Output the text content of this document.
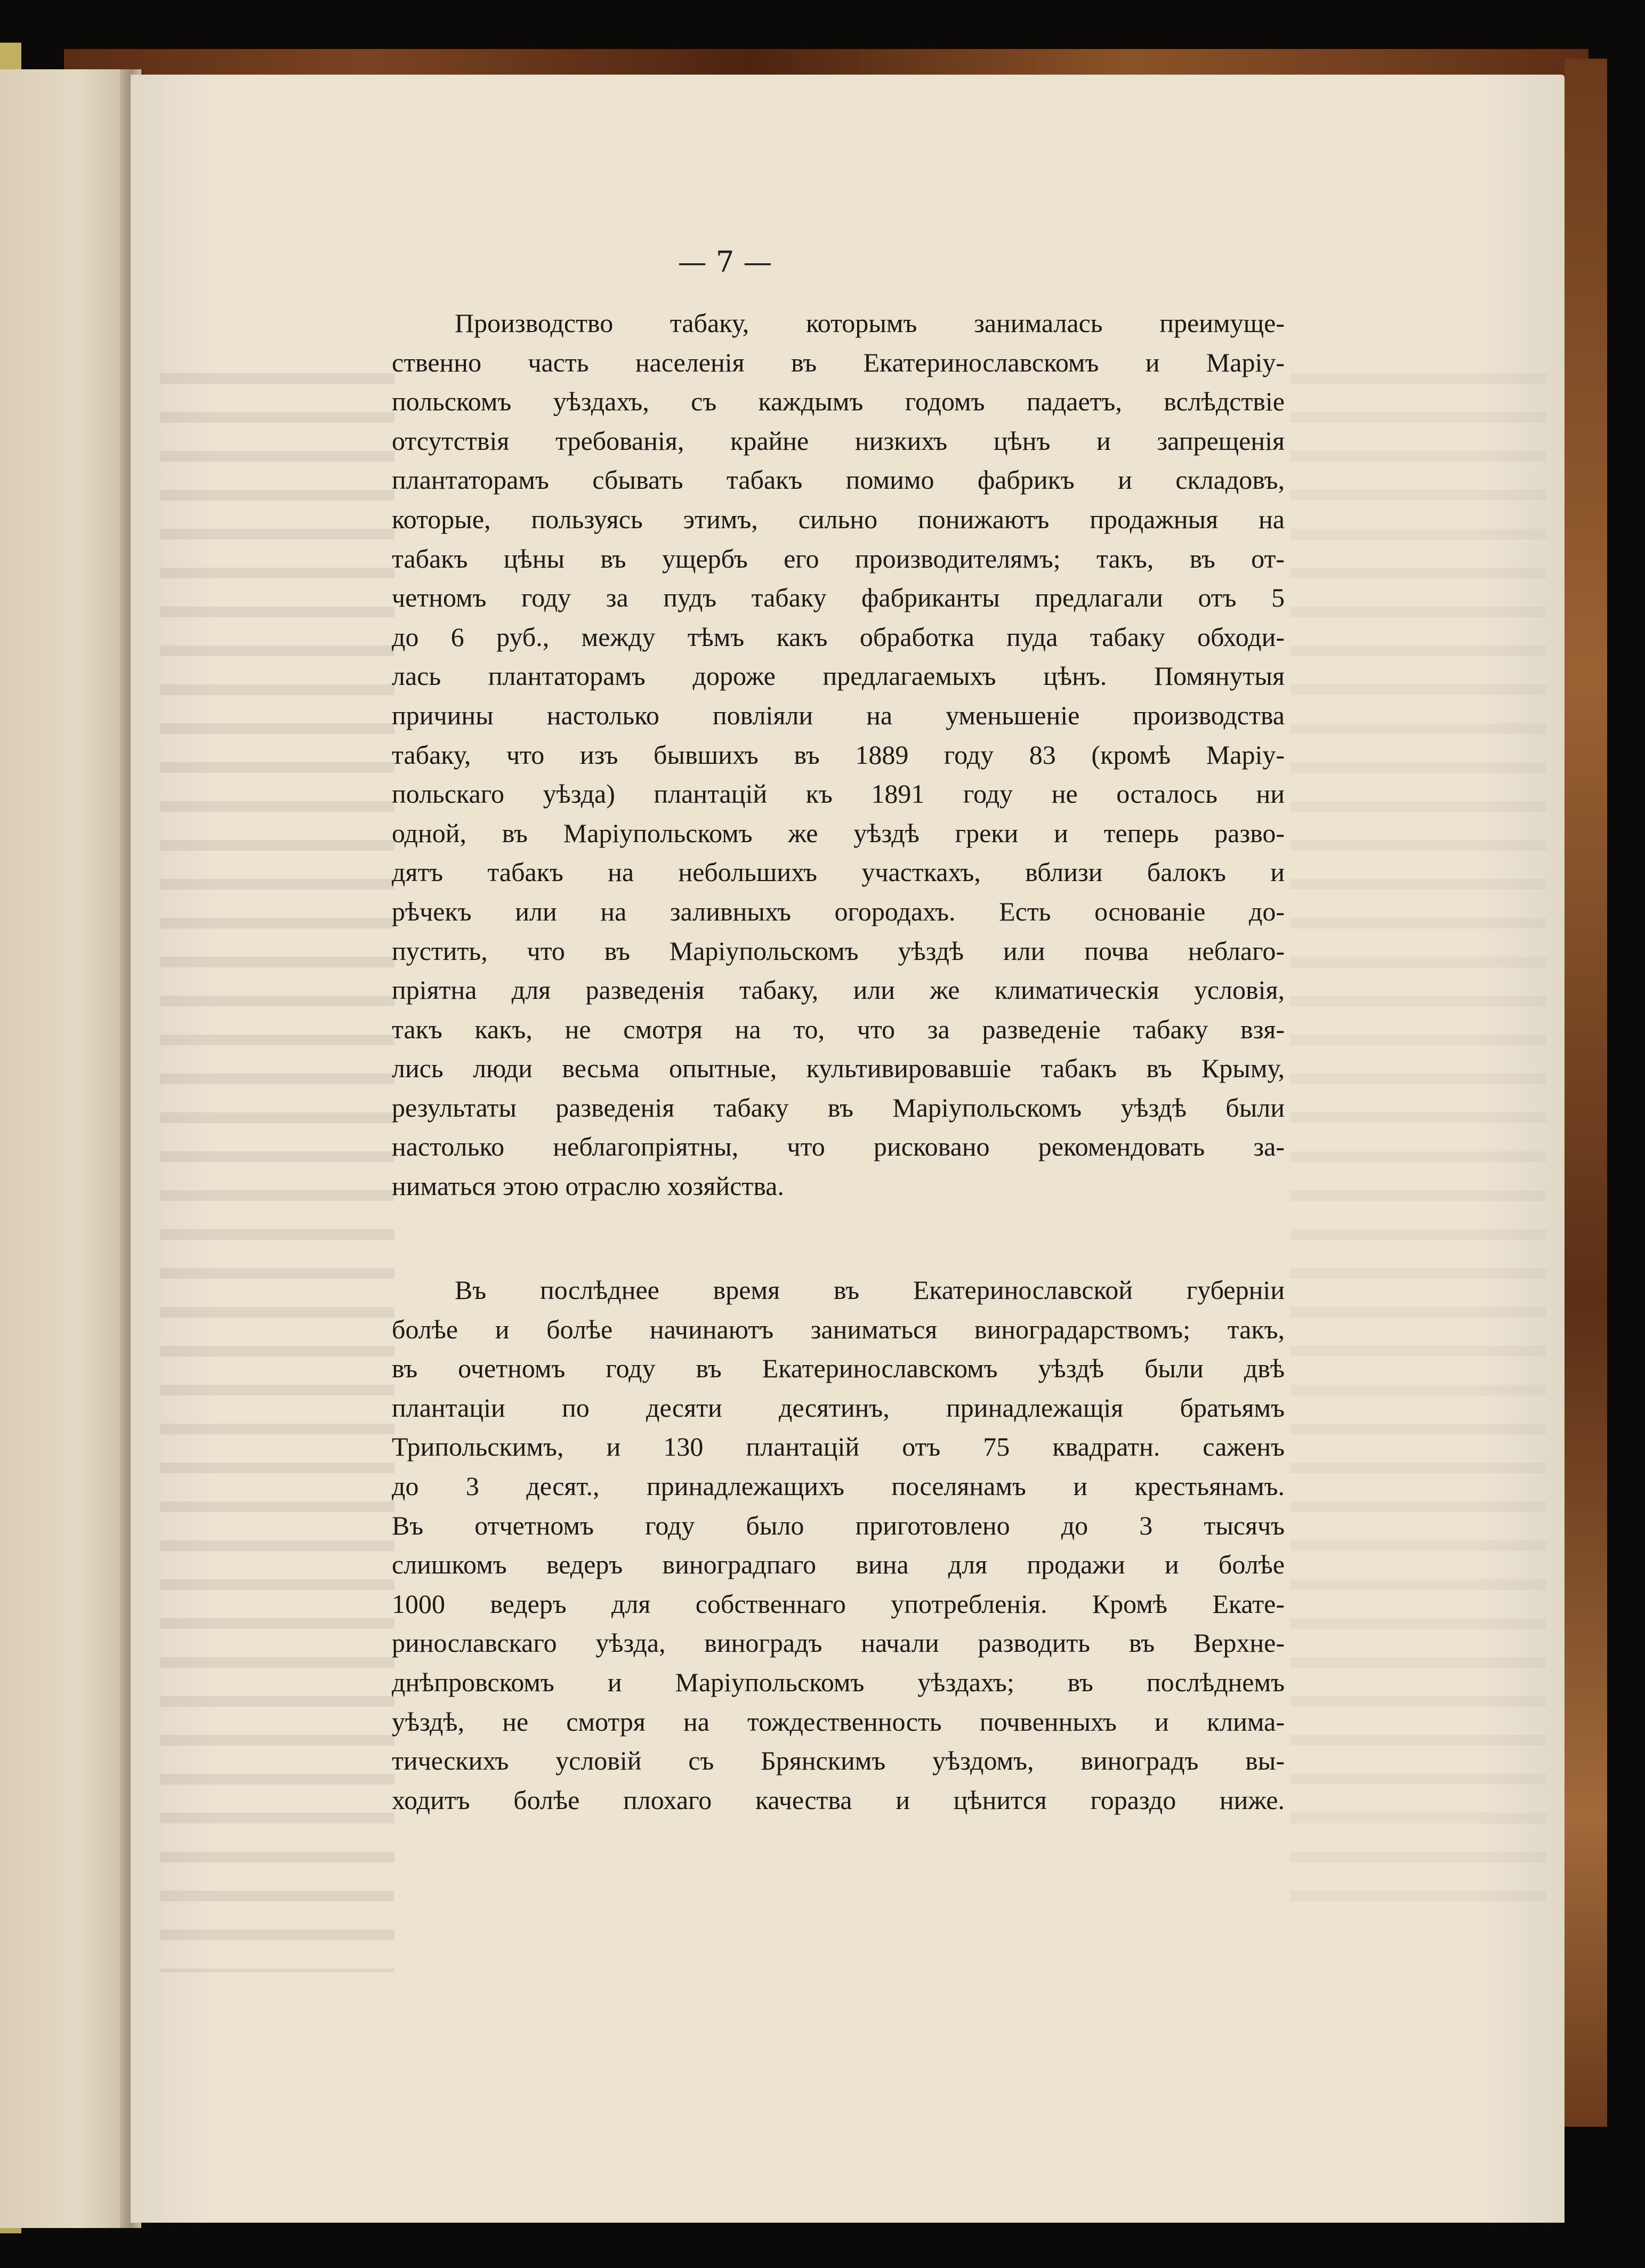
— 7 —
Производство табаку, которымъ занималась преимуще-
ственно часть населенія въ Екатеринославскомъ и Маріу-
польскомъ уѣздахъ, съ каждымъ годомъ падаетъ, вслѣдствіе
отсутствія требованія, крайне низкихъ цѣнъ и запрещенія
плантаторамъ сбывать табакъ помимо фабрикъ и складовъ,
которые, пользуясь этимъ, сильно понижаютъ продажныя на
табакъ цѣны въ ущербъ его производителямъ; такъ, въ от-
четномъ году за пудъ табаку фабриканты предлагали отъ 5
до 6 руб., между тѣмъ какъ обработка пуда табаку обходи-
лась плантаторамъ дороже предлагаемыхъ цѣнъ. Помянутыя
причины настолько повліяли на уменьшеніе производства
табаку, что изъ бывшихъ въ 1889 году 83 (кромѣ Маріу-
польскаго уѣзда) плантацій къ 1891 году не осталось ни
одной, въ Маріупольскомъ же уѣздѣ греки и теперь разво-
дятъ табакъ на небольшихъ участкахъ, вблизи балокъ и
рѣчекъ или на заливныхъ огородахъ. Есть основаніе до-
пустить, что въ Маріупольскомъ уѣздѣ или почва неблаго-
пріятна для разведенія табаку, или же климатическія условія,
такъ какъ, не смотря на то, что за разведеніе табаку взя-
лись люди весьма опытные, культивировавшіе табакъ въ Крыму,
результаты разведенія табаку въ Маріупольскомъ уѣздѣ были
настолько неблагопріятны, что рисковано рекомендовать за-
ниматься этою отраслю хозяйства.
Въ послѣднее время въ Екатеринославской губерніи
болѣе и болѣе начинаютъ заниматься виноградарствомъ; такъ,
въ очетномъ году въ Екатеринославскомъ уѣздѣ были двѣ
плантаціи по десяти десятинъ, принадлежащія братьямъ
Трипольскимъ, и 130 плантацій отъ 75 квадратн. саженъ
до 3 десят., принадлежащихъ поселянамъ и крестьянамъ.
Въ отчетномъ году было приготовлено до 3 тысячъ
слишкомъ ведеръ виноградпаго вина для продажи и болѣе
1000 ведеръ для собственнаго употребленія. Кромѣ Екате-
ринославскаго уѣзда, виноградъ начали разводить въ Верхне-
днѣпровскомъ и Маріупольскомъ уѣздахъ; въ послѣднемъ
уѣздѣ, не смотря на тождественность почвенныхъ и клима-
тическихъ условій съ Брянскимъ уѣздомъ, виноградъ вы-
ходитъ болѣе плохаго качества и цѣнится гораздо ниже.
